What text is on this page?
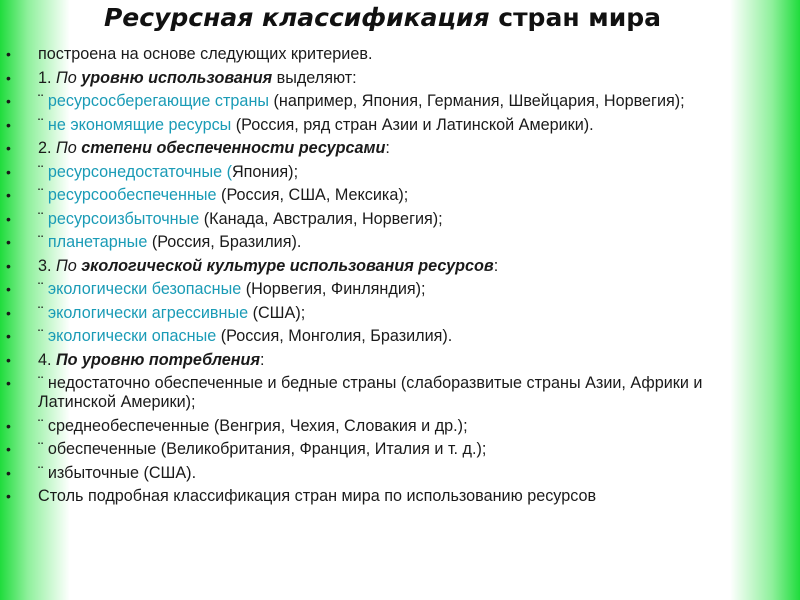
Ресурсная классификация стран мира
• построена на основе следующих критериев.
• 1. По уровню использования выделяют:
• ¨ ресурсосберегающие страны (например, Япония, Германия, Швейцария, Норвегия);
• ¨ не экономящие ресурсы (Россия, ряд стран Азии и Латинской Америки).
• 2. По степени обеспеченности ресурсами:
• ¨ ресурсонедостаточные (Япония);
• ¨ ресурсообеспеченные (Россия, США, Мексика);
• ¨ ресурсоизбыточные (Канада, Австралия, Норвегия);
• ¨ планетарные (Россия, Бразилия).
• 3. По экологической культуре использования ресурсов:
• ¨ экологически безопасные (Норвегия, Финляндия);
• ¨ экологически агрессивные (США);
• ¨ экологически опасные (Россия, Монголия, Бразилия).
• 4. По уровню потребления:
• ¨ недостаточно обеспеченные и бедные страны (слаборазвитые страны Азии, Африки и Латинской Америки);
• ¨ среднеобеспеченные (Венгрия, Чехия, Словакия и др.);
• ¨ обеспеченные (Великобритания, Франция, Италия и т. д.);
• ¨ избыточные (США).
• Столь подробная классификация стран мира по использованию ресурсов
